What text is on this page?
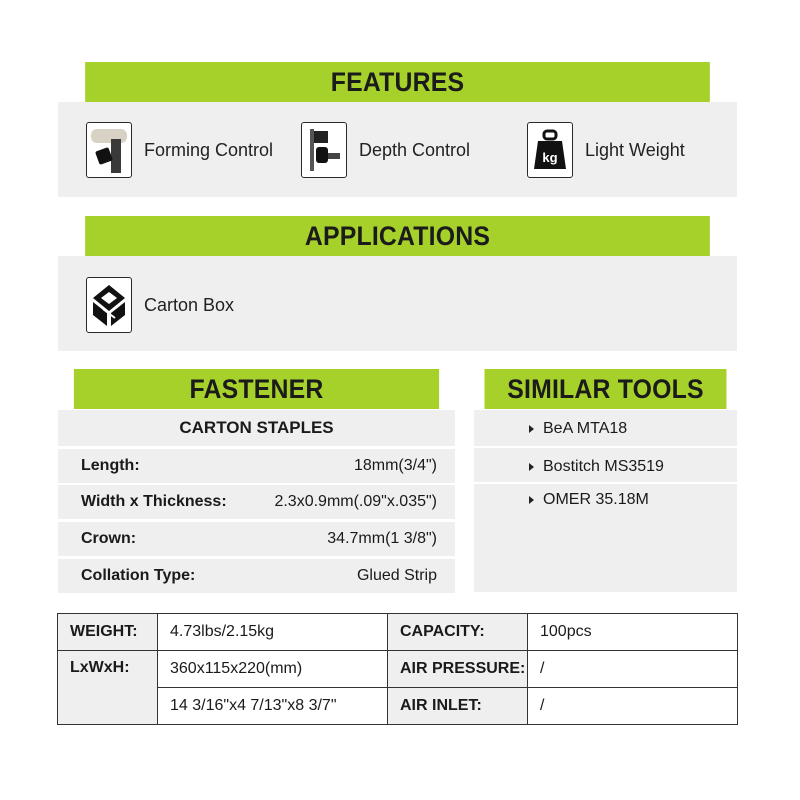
FEATURES
Forming Control	Depth Control	kg Light Weight
APPLICATIONS
Carton Box
FASTENER
CARTON STAPLES
Length:	18mm(3/4")
Width x Thickness:	2.3x0.9mm(.09"x.035")
Crown:	34.7mm(1 3/8")
Collation Type:	Glued Strip
SIMILAR TOOLS
BeA MTA18
Bostitch MS3519
OMER 35.18M
WEIGHT:	4.73lbs/2.15kg	CAPACITY:	100pcs
LxWxH:	360x115x220(mm)	AIR PRESSURE:	/
	14 3/16"x4 7/13"x8 3/7"	AIR INLET:	/
